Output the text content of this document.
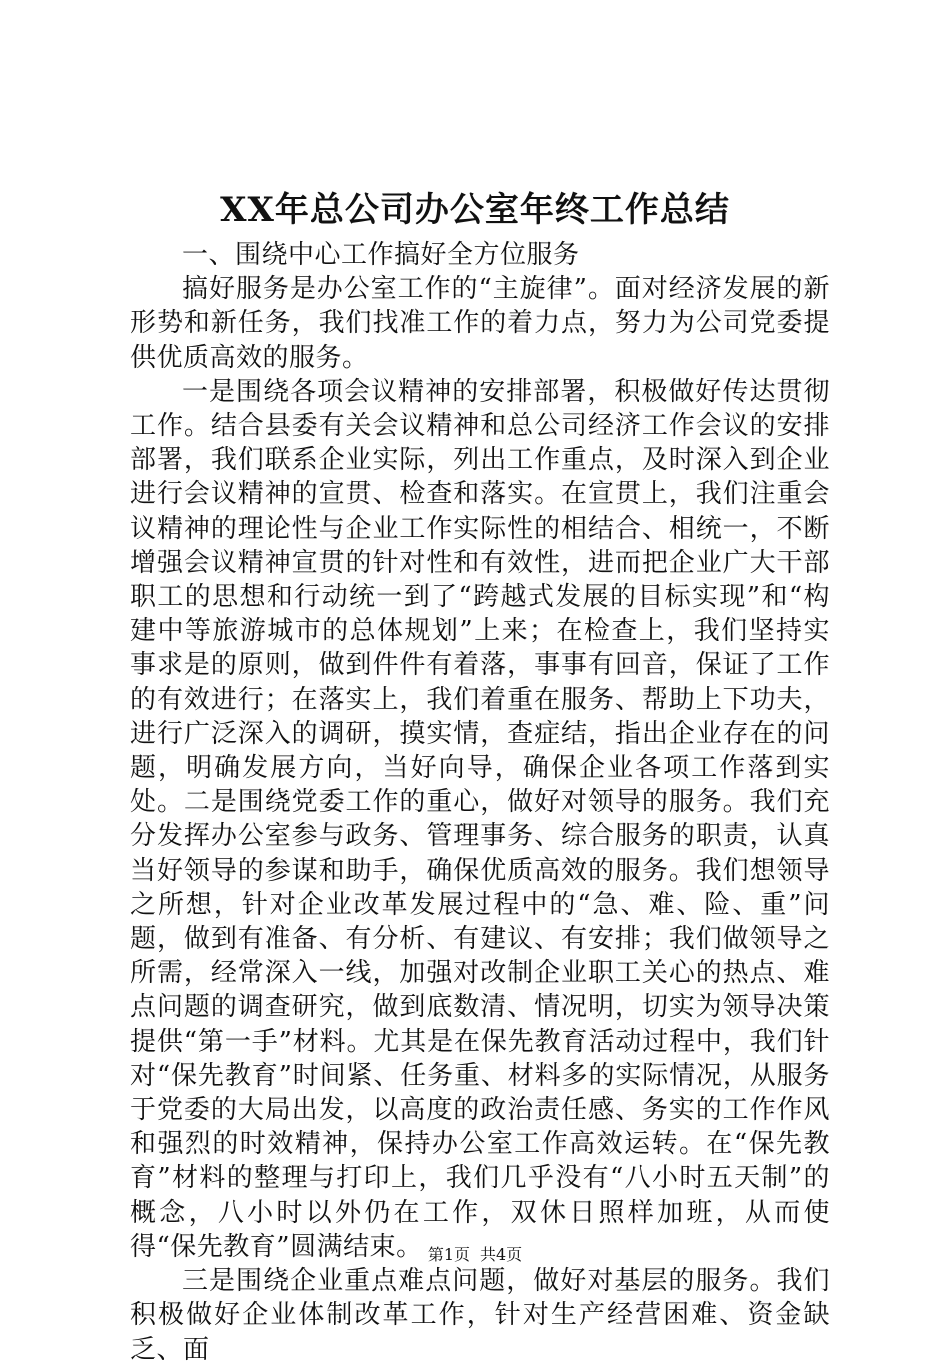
XX年总公司办公室年终工作总结

一、围绕中心工作搞好全方位服务

搞好服务是办公室工作的“主旋律”。面对经济发展的新形势和新任务，我们找准工作的着力点，努力为公司党委提供优质高效的服务。

一是围绕各项会议精神的安排部署，积极做好传达贯彻工作。结合县委有关会议精神和总公司经济工作会议的安排部署，我们联系企业实际，列出工作重点，及时深入到企业进行会议精神的宣贯、检查和落实。在宣贯上，我们注重会议精神的理论性与企业工作实际性的相结合、相统一，不断增强会议精神宣贯的针对性和有效性，进而把企业广大干部职工的思想和行动统一到了“跨越式发展的目标实现”和“构建中等旅游城市的总体规划”上来；在检查上，我们坚持实事求是的原则，做到件件有着落，事事有回音，保证了工作的有效进行；在落实上，我们着重在服务、帮助上下功夫，进行广泛深入的调研，摸实情，查症结，指出企业存在的问题，明确发展方向，当好向导，确保企业各项工作落到实处。二是围绕党委工作的重心，做好对领导的服务。我们充分发挥办公室参与政务、管理事务、综合服务的职责，认真当好领导的参谋和助手，确保优质高效的服务。我们想领导之所想，针对企业改革发展过程中的“急、难、险、重”问题，做到有准备、有分析、有建议、有安排；我们做领导之所需，经常深入一线，加强对改制企业职工关心的热点、难点问题的调查研究，做到底数清、情况明，切实为领导决策提供“第一手”材料。尤其是在保先教育活动过程中，我们针对“保先教育”时间紧、任务重、材料多的实际情况，从服务于党委的大局出发，以高度的政治责任感、务实的工作作风和强烈的时效精神，保持办公室工作高效运转。在“保先教育”材料的整理与打印上，我们几乎没有“八小时五天制”的概念，八小时以外仍在工作，双休日照样加班，从而使得“保先教育”圆满结束。

三是围绕企业重点难点问题，做好对基层的服务。我们积极做好企业体制改革工作，针对生产经营困难、资金缺乏、面

第1页 共4页
